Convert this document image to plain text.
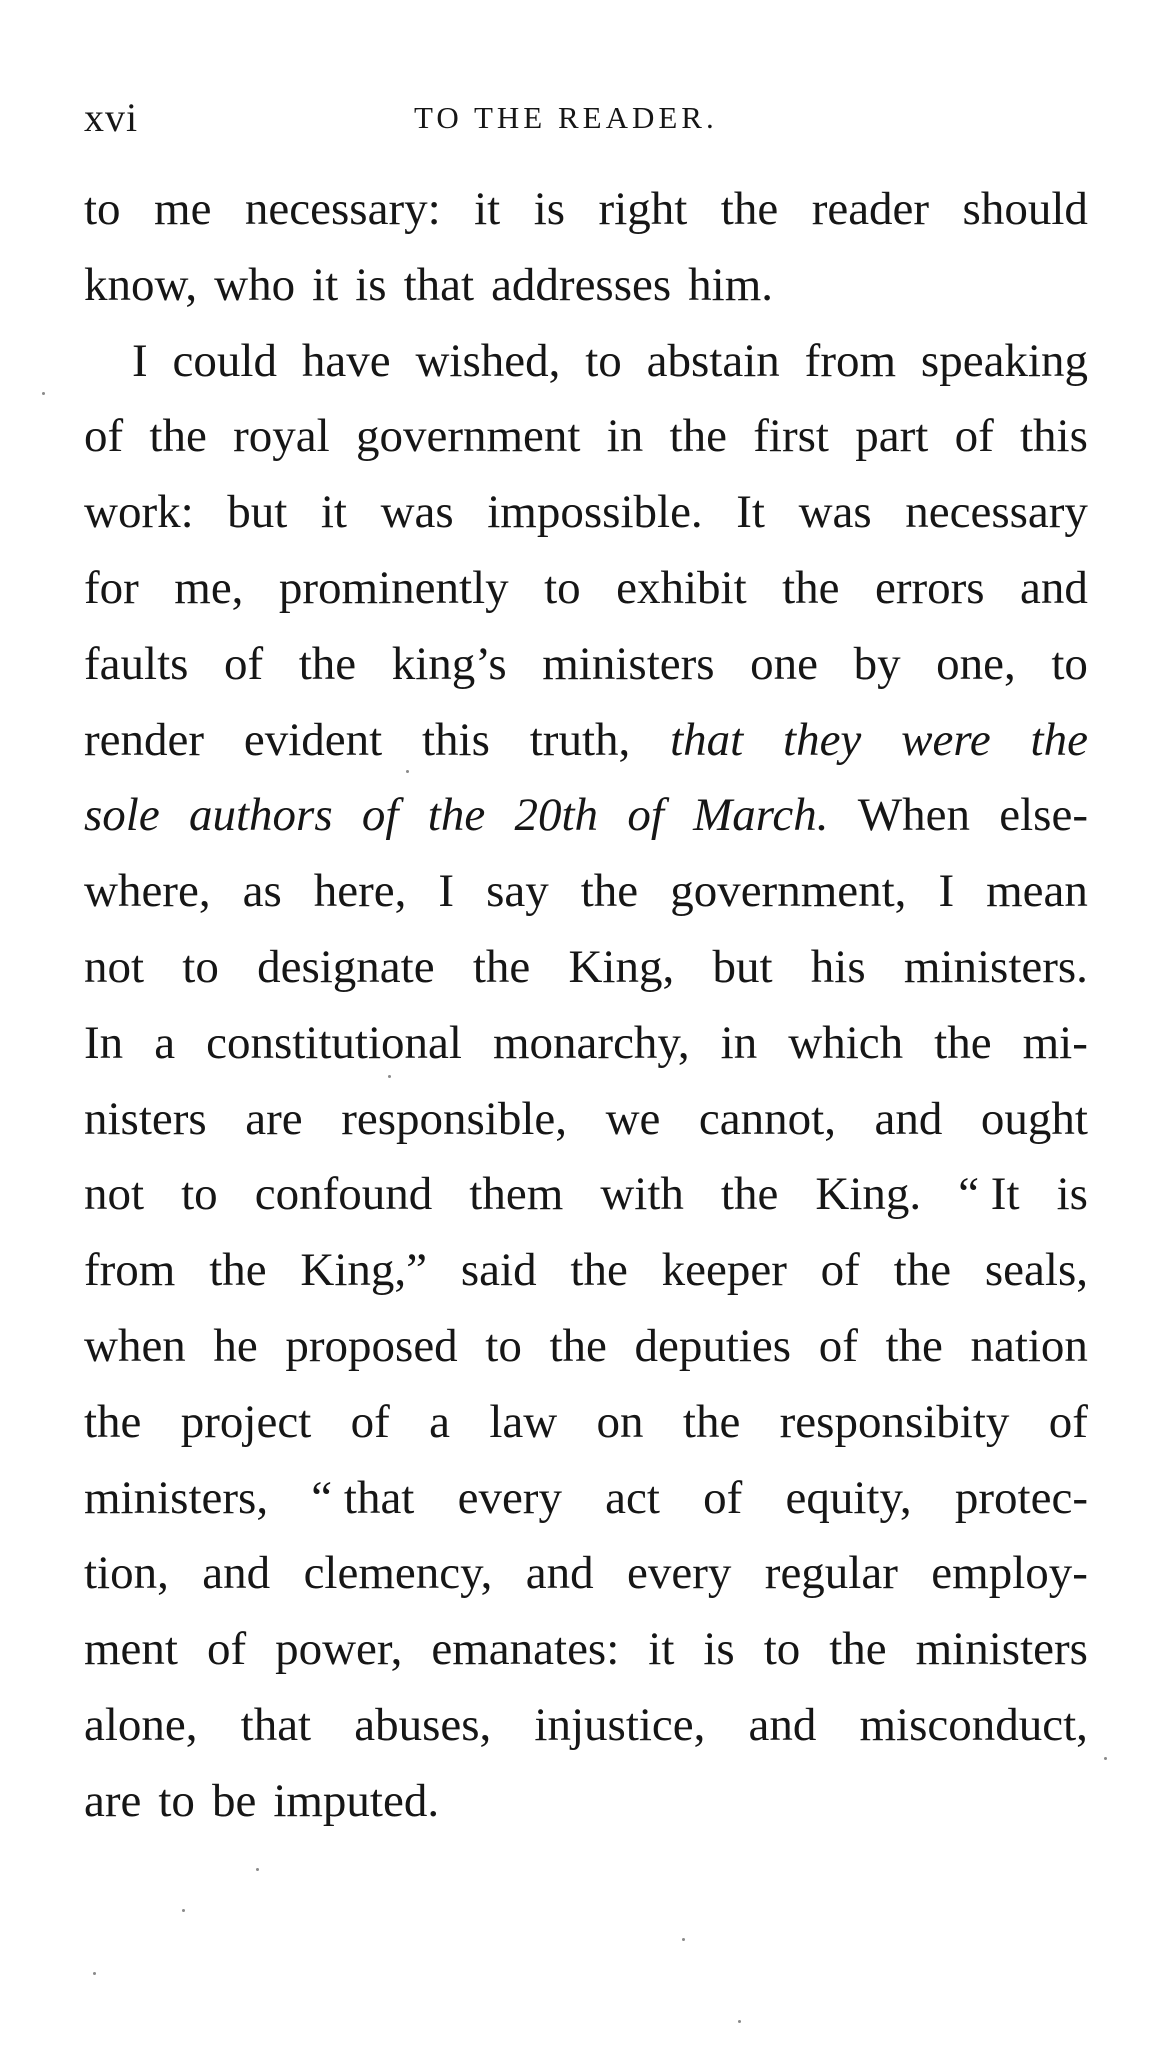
xvi	TO THE READER.
to me necessary: it is right the reader should
know, who it is that addresses him.
I could have wished, to abstain from speaking
of the royal government in the first part of this
work: but it was impossible. It was necessary
for me, prominently to exhibit the errors and
faults of the king’s ministers one by one, to
render evident this truth, that they were the
sole authors of the 20th of March. When else-
where, as here, I say the government, I mean
not to designate the King, but his ministers.
In a constitutional monarchy, in which the mi-
nisters are responsible, we cannot, and ought
not to confound them with the King. “ It is
from the King,” said the keeper of the seals,
when he proposed to the deputies of the nation
the project of a law on the responsibity of
ministers, “ that every act of equity, protec-
tion, and clemency, and every regular employ-
ment of power, emanates: it is to the ministers
alone, that abuses, injustice, and misconduct,
are to be imputed.
